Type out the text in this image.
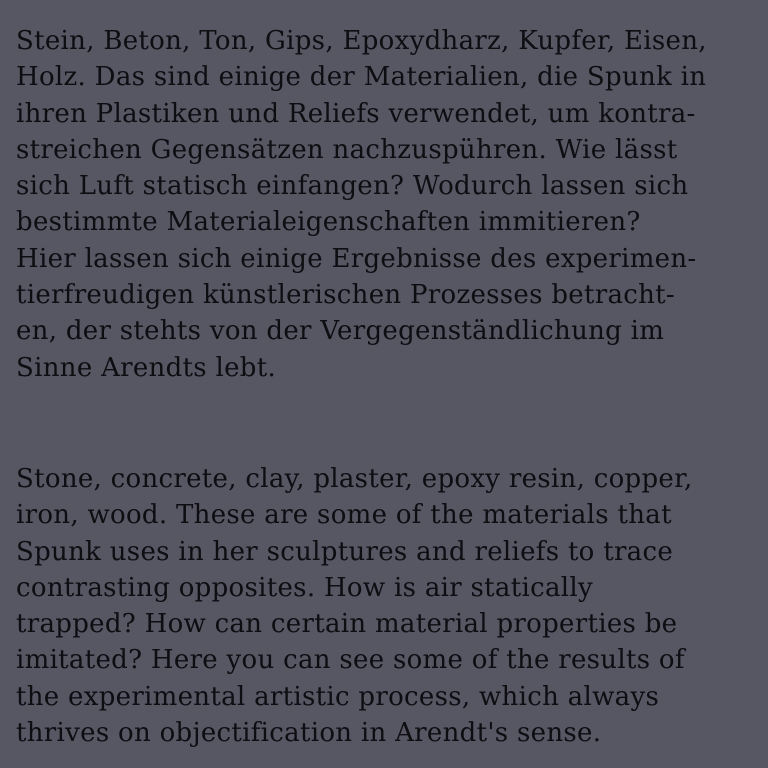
Stein, Beton, Ton, Gips, Epoxydharz, Kupfer, Eisen,
Holz. Das sind einige der Materialien, die Spunk in
ihren Plastiken und Reliefs verwendet, um kontra-
streichen Gegensätzen nachzuspühren. Wie lässt
sich Luft statisch einfangen? Wodurch lassen sich
bestimmte Materialeigenschaften immitieren?
Hier lassen sich einige Ergebnisse des experimen-
tierfreudigen künstlerischen Prozesses betracht-
en, der stehts von der Vergegenständlichung im
Sinne Arendts lebt.

Stone, concrete, clay, plaster, epoxy resin, copper,
iron, wood. These are some of the materials that
Spunk uses in her sculptures and reliefs to trace
contrasting opposites. How is air statically
trapped? How can certain material properties be
imitated? Here you can see some of the results of
the experimental artistic process, which always
thrives on objectification in Arendt's sense.
